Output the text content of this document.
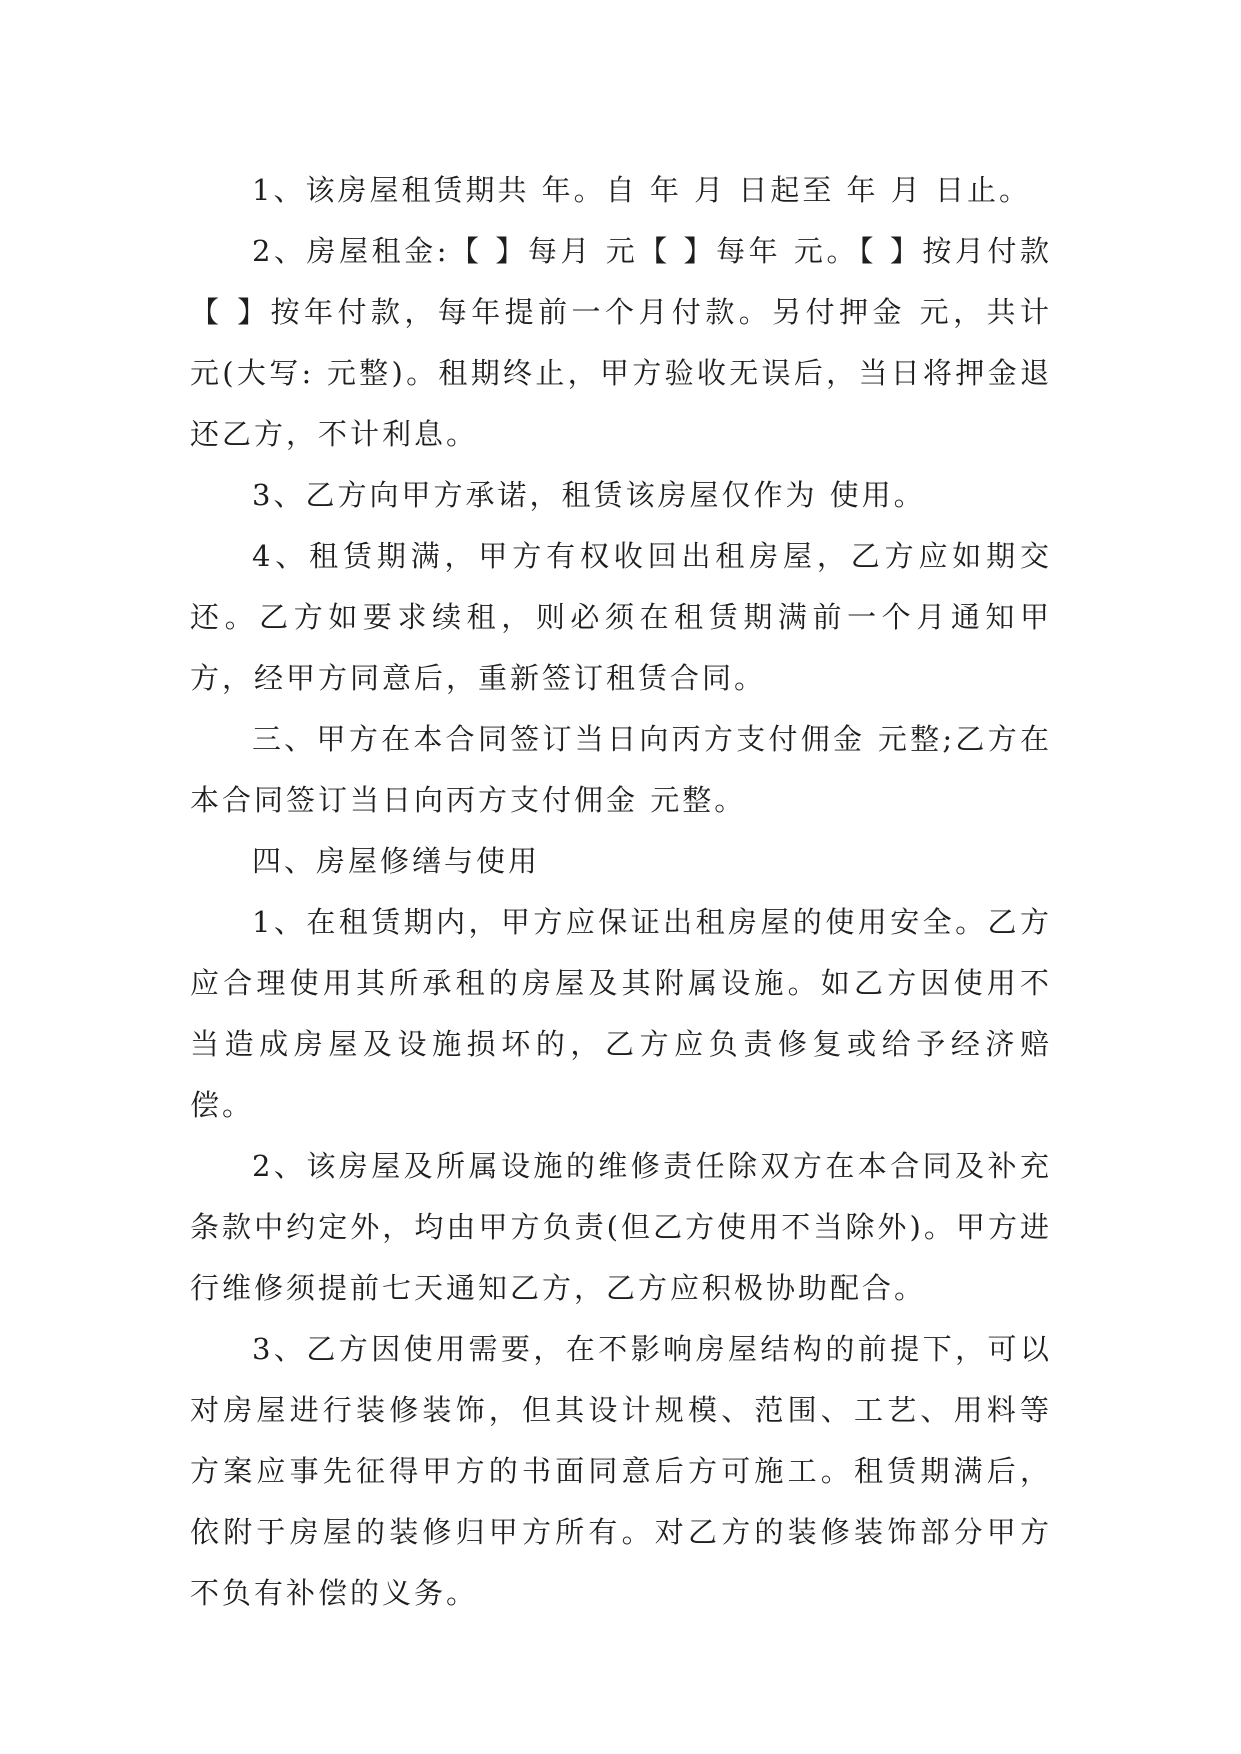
1、该房屋租赁期共 年。自 年 月 日起至 年 月 日止。

2、房屋租金:【 】每月 元【 】每年 元。【 】按月付款【 】按年付款，每年提前一个月付款。另付押金 元，共计 元(大写: 元整)。租期终止，甲方验收无误后，当日将押金退还乙方，不计利息。

3、乙方向甲方承诺，租赁该房屋仅作为 使用。

4、租赁期满，甲方有权收回出租房屋，乙方应如期交还。乙方如要求续租，则必须在租赁期满前一个月通知甲方，经甲方同意后，重新签订租赁合同。

三、甲方在本合同签订当日向丙方支付佣金 元整;乙方在本合同签订当日向丙方支付佣金 元整。

四、房屋修缮与使用

1、在租赁期内，甲方应保证出租房屋的使用安全。乙方应合理使用其所承租的房屋及其附属设施。如乙方因使用不当造成房屋及设施损坏的，乙方应负责修复或给予经济赔偿。

2、该房屋及所属设施的维修责任除双方在本合同及补充条款中约定外，均由甲方负责(但乙方使用不当除外)。甲方进行维修须提前七天通知乙方，乙方应积极协助配合。

3、乙方因使用需要，在不影响房屋结构的前提下，可以对房屋进行装修装饰，但其设计规模、范围、工艺、用料等方案应事先征得甲方的书面同意后方可施工。租赁期满后，依附于房屋的装修归甲方所有。对乙方的装修装饰部分甲方不负有补偿的义务。
